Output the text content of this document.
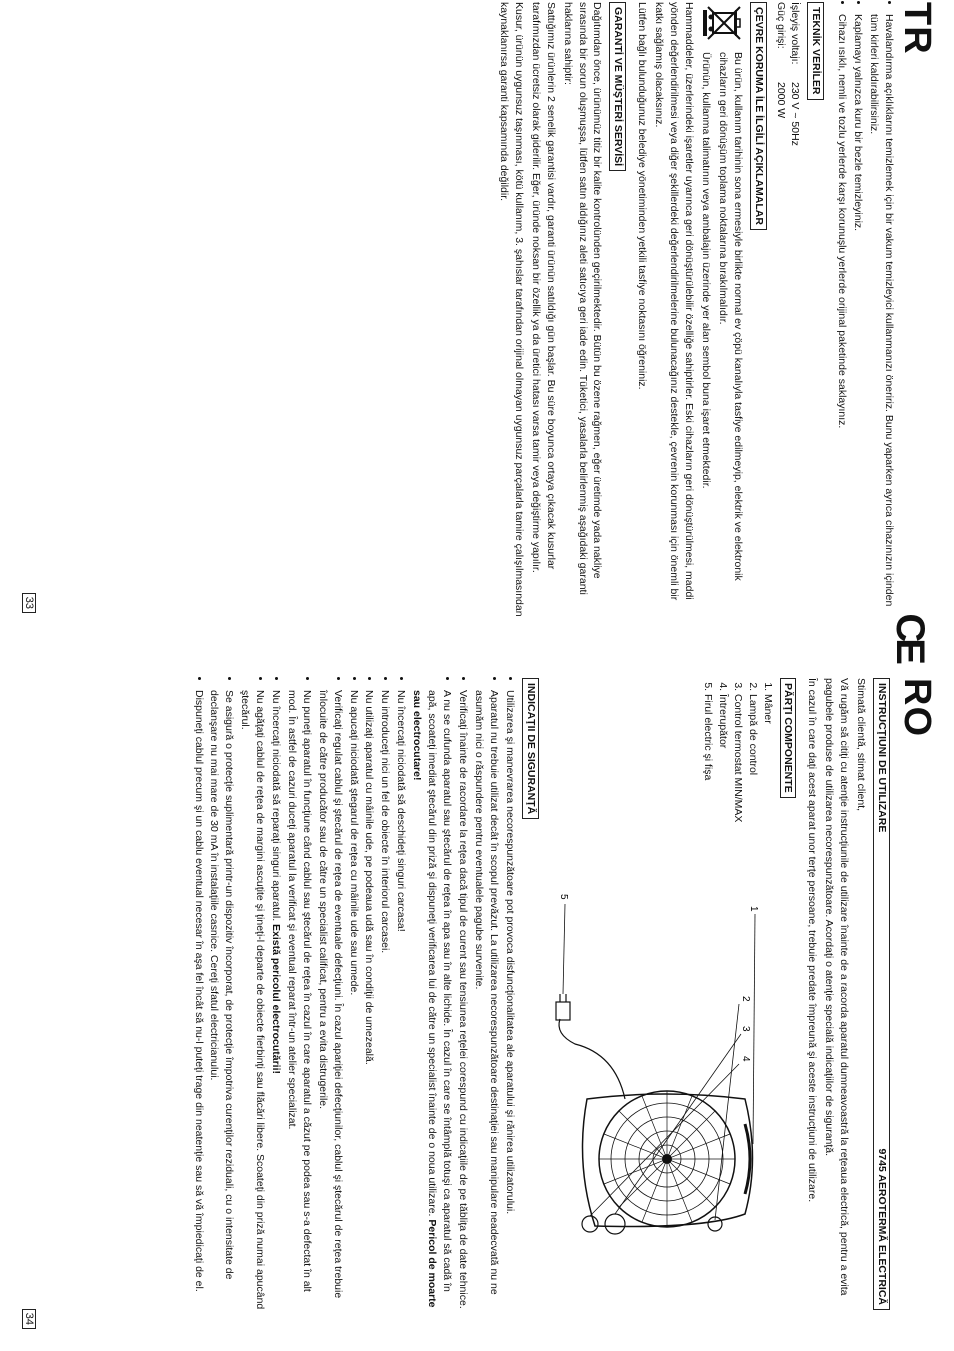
TR
• Havalandırma açıklıklarını temizlemek için bir vakum temizleyici kullanmanızı öneririz. Bunu yaparken ayrıca cihazınızın içinden tüm kirleri kaldırabilirsiniz.
• Kaplamayı yalnızca kuru bir bezle temizleyiniz.
• Cihazı ısıklı, nemli ve tozlu yerlerde karşı korunuşlu yerlerde orijinal paketinde saklayınız.
TEKNİK VERİLER
İşleyiş voltajı:
230 V ~ 50Hz
Güç girişi:
2000 W
ÇEVRE KORUMA İLE İLGİLİ AÇIKLAMALAR

Bu ürün, kullanım tarihinin sona ermesiyle birlikte normal ev çöpü kanalıyla tasfiye edilmeyip, elektrik ve elektronik cihazların geri dönüşüm toplama noktalarına bırakılmalıdır.

Ürünün, kullanma talimatının veya ambalajın üzerinde yer alan sembol buna işaret etmektedir.

Hammaddeler, üzerlerindeki işaretler uyarınca geri dönüştürülebilir özelliğe sahiptirler. Eski cihazların geri dönüştürülmesi, maddi yönden değerlendirilmesi veya diğer şekillerdeki değerlendirilmelerine bulunacağınız destekle, çevrenin korunması için önemli bir katkı sağlamış olacaksınız.

Lütfen bağlı bulunduğunuz belediye yönetiminden yetkili tasfiye noktasını öğreniniz.

GARANTİ VE MÜŞTERİ SERVİSİ

Dağıtımdan önce, ürünümüz titiz bir kalite kontrolünden geçirilmektedir. Bütün bu özene rağmen, eğer üretimde yada nakliye sırasında bir sorun oluşmuşsa, lütfen satın aldığınız aleti satıcıya geri iade edin. Tüketici, yasalarla belirlenmiş aşağıdaki garanti haklarına sahiptir:

Sattığımız ürünlerin 2 senelik garantisi vardır, garanti ürünün satıldığı gün başlar. Bu süre boyunca ortaya çıkacak kusurlar tarafımızdan ücretsiz olarak giderilir. Eğer, üründe noksan bir özellik ya da üretici hatası varsa tamir veya değiştirme yapılır.

Kusur, ürünün uygunsuz taşınması, kötü kullanım, 3. şahıslar tarafından orijinal olmayan uygunsuz parçalarla tamire çalışılmasından kaynaklanırsa garanti kapsamında değildir.

CE
33
RO
INSTRUCŢIUNI DE UTILIZARE
9745 AEROTERMĂ ELECTRICĂ

Stimată clientă, stimat client,

Vă rugăm să citiţi cu atenţie instrucţiunile de utilizare înainte de a racorda aparatul dumneavoastră la reţeaua electrică, pentru a evita pagubele produse de utilizarea necorespunzătoare. Acordaţi o atenţie specială indicaţiilor de siguranţă.

În cazul în care daţi acest aparat unor terţe persoane, trebuie predate împreună şi aceste instrucţiuni de utilizare.

PĂRŢI COMPONENTE
1. Mâner
2. Lampă de control
3. Control termostat MIN/MAX
4. Întrerupător
5. Firul electric şi fişa
1
2
3
4
5
INDICAŢII DE SIGURANŢĂ
• Utilizarea şi manevrarea necorespunzătoare pot provoca disfuncţionalitatea ale aparatului şi rănirea utilizatorului.
• Aparatul nu trebuie utilizat decât în scopul prevăzut. La utilizarea necorespunzătoare destinaţiei sau manipulare neadecvată nu ne asumăm nici o răspundere pentru eventualele pagube survenite.
• Verificaţi înainte de racordare la reţea dacă tipul de curent sau tensiunea reţelei corespund cu indicaţiile de pe tăbliţa de date tehnice.
• A nu se cufunda aparatul sau ştecărul de reţea în apa sau în alte lichide. În cazul în care se întâmplă totuşi ca aparatul să cadă în apă, scoateţi imediat ştecărul din priză şi dispuneţi verificarea lui de către un specialist înainte de o noua utilizare. Pericol de moarte sau electrocutare!
• Nu încercaţi niciodată să deschideţi singuri carcasa!
• Nu introduceţi nici un fel de obiecte în interiorul carcasei.
• Nu utilizaţi aparatul cu mâinile ude, pe podeaua udă sau în condiţii de umezeală.
• Nu apucaţi niciodată ştegarul de reţea cu mâinile ude sau umede.
• Verificaţi regulat cablul şi ştecărul de reţea de eventuale defecţiuni. În cazul apariţiei defecţiunilor, cablul şi ştecărul de reţea trebuie înlocuite de către producător sau de către un specialist calificat, pentru a evita distrugerile.
• Nu puneţi aparatul în funcţiune când cablul sau ştecărul de reţea în cazul în care aparatul a căzut pe podea sau s-a defectat în alt mod. În astfel de cazuri duceţi aparatul la verificat şi eventual reparat într-un atelier specializat.
• Nu încercaţi niciodată să reparaţi singuri aparatul. Există pericolul electrocutării!
• Nu agăţaţi cablul de reţea de margini ascuţite şi ţineţi-l departe de obiecte fierbinţi sau flăcări libere. Scoateţi din priză numai apucând ştecărul.
• Se asigură o protecţie suplimentară printr-un dispozitiv încorporat, de protecţie împotriva curenţilor reziduali, cu o intensitate de declanşare nu mai mare de 30 mA în instalaţiile casnice. Cereţi sfatul electricianului.
• Dispuneţi cablul precum şi un cablu eventual necesar în aşa fel încât să nu-l puteţi trage din neatenţie sau să vă împiedicaţi de el.
34
